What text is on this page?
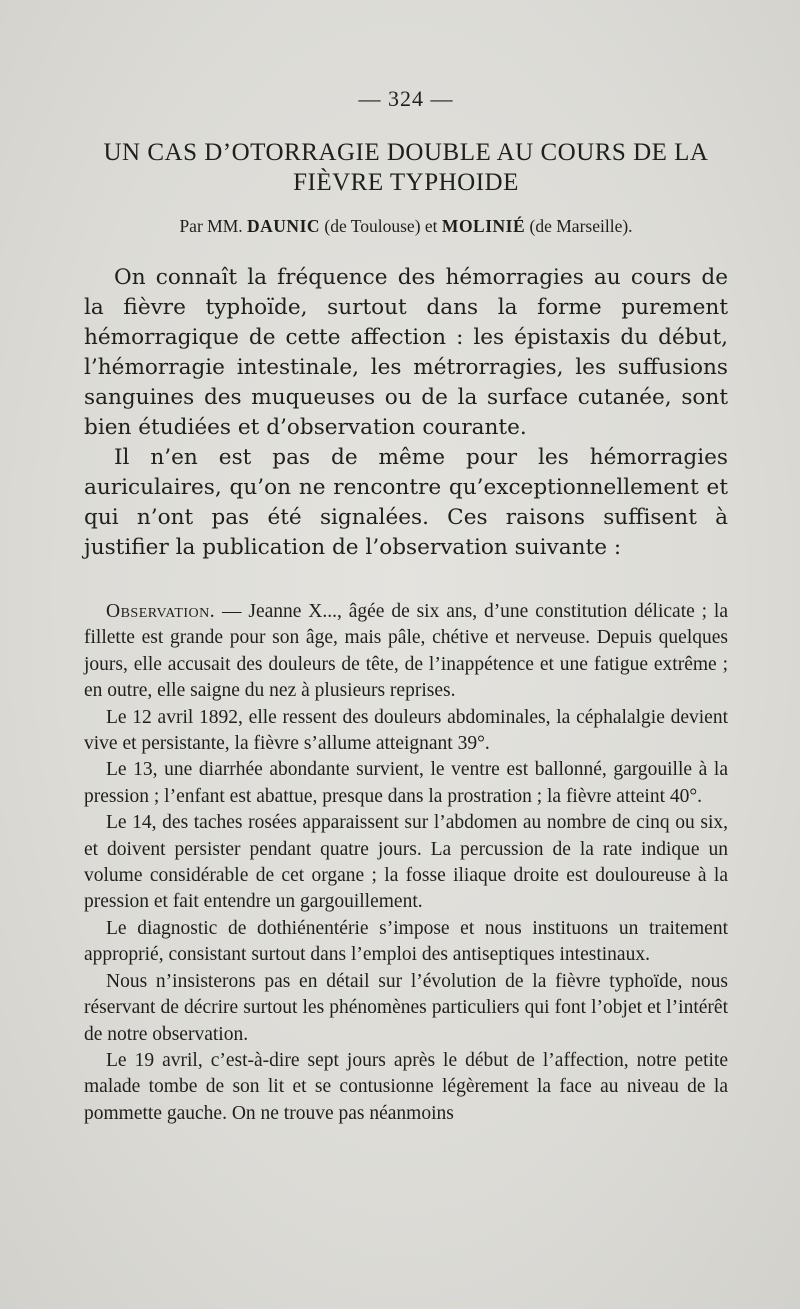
— 324 —
UN CAS D’OTORRAGIE DOUBLE AU COURS DE LA
FIÈVRE TYPHOIDE
Par MM. DAUNIC (de Toulouse) et MOLINIÉ (de Marseille).

On connaît la fréquence des hémorragies au cours de la fièvre typhoïde, surtout dans la forme purement hémorragique de cette affection : les épistaxis du début, l’hémorragie intestinale, les métrorragies, les suffusions sanguines des muqueuses ou de la surface cutanée, sont bien étudiées et d’observation courante.

Il n’en est pas de même pour les hémorragies auriculaires, qu’on ne rencontre qu’exceptionnellement et qui n’ont pas été signalées. Ces raisons suffisent à justifier la publication de l’observation suivante :

Observation. — Jeanne X..., âgée de six ans, d’une constitution délicate ; la fillette est grande pour son âge, mais pâle, chétive et nerveuse. Depuis quelques jours, elle accusait des douleurs de tête, de l’inappétence et une fatigue extrême ; en outre, elle saigne du nez à plusieurs reprises.

Le 12 avril 1892, elle ressent des douleurs abdominales, la céphalalgie devient vive et persistante, la fièvre s’allume atteignant 39°.

Le 13, une diarrhée abondante survient, le ventre est ballonné, gargouille à la pression ; l’enfant est abattue, presque dans la prostration ; la fièvre atteint 40°.

Le 14, des taches rosées apparaissent sur l’abdomen au nombre de cinq ou six, et doivent persister pendant quatre jours. La percussion de la rate indique un volume considérable de cet organe ; la fosse iliaque droite est douloureuse à la pression et fait entendre un gargouillement.

Le diagnostic de dothiénentérie s’impose et nous instituons un traitement approprié, consistant surtout dans l’emploi des antiseptiques intestinaux.

Nous n’insisterons pas en détail sur l’évolution de la fièvre typhoïde, nous réservant de décrire surtout les phénomènes particuliers qui font l’objet et l’intérêt de notre observation.

Le 19 avril, c’est-à-dire sept jours après le début de l’affection, notre petite malade tombe de son lit et se contusionne légèrement la face au niveau de la pommette gauche. On ne trouve pas néanmoins
